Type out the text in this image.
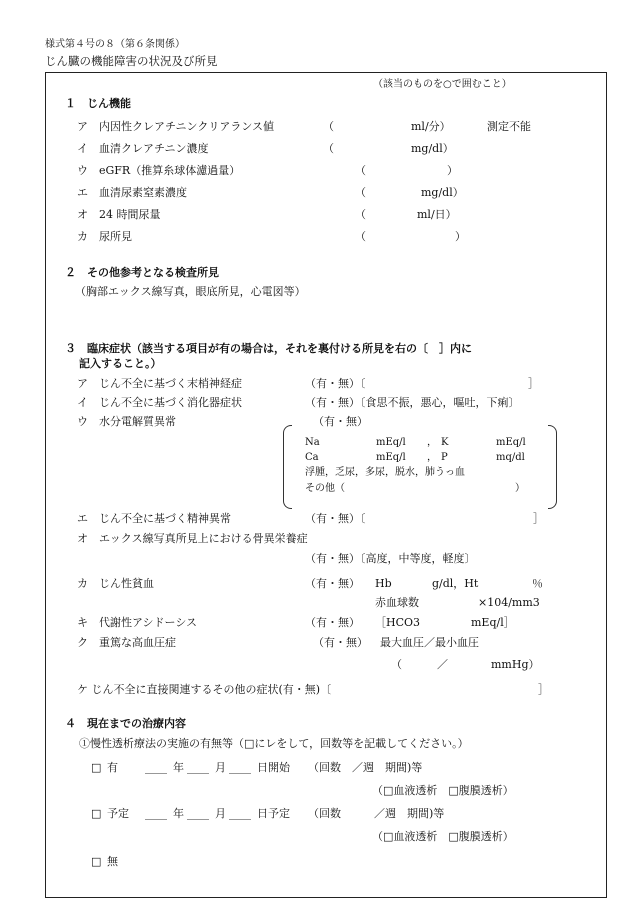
様式第４号の８（第６条関係）
じん臓の機能障害の状況及び所見
（該当のものを○で囲むこと）
１　じん機能
ア　内因性クレアチニンクリアランス値	（	ml/分）	測定不能
イ　血清クレアチニン濃度	（	mg/dl）
ウ　eGFR（推算糸球体濾過量）	（	）
エ　血清尿素窒素濃度	（	mg/dl）
オ　24 時間尿量	（	ml/日）
カ　尿所見	（	）
２　その他参考となる検査所見
（胸部エックス線写真，眼底所見，心電図等）
３　臨床症状（該当する項目が有の場合は，それを裏付ける所見を右の〔　］内に
記入すること。）
ア　じん不全に基づく末梢神経症	（有・無）〔	］
イ　じん不全に基づく消化器症状	（有・無）〔食思不振，悪心，嘔吐，下痢〕
ウ　水分電解質異常	（有・無）
Na	mEq/l ， K	mEq/l
Ca	mEq/l ， P	mq/dl
浮腫，乏尿，多尿，脱水，肺うっ血
その他（	）
エ　じん不全に基づく精神異常	（有・無）〔	］
オ　エックス線写真所見上における骨異栄養症
（有・無）〔高度，中等度，軽度〕
カ　じん性貧血	（有・無） Hb	g/dl，Ht	％
赤血球数	×104/mm3
キ　代謝性アシドーシス	（有・無） ［HCO3	mEq/l］
ク　重篤な高血圧症	（有・無） 最大血圧／最小血圧
（	／	mmHg）
ケ じん不全に直接関連するその他の症状(有・無)〔	］
４　現在までの治療内容
①慢性透析療法の実施の有無等（□にレをして，回数等を記載してください。）
□ 有 ____ 年 ____ 月 ____ 日開始 （回数　／週　期間)等
（□血液透析　□腹膜透析）
□ 予定 ____ 年 ____ 月 ____ 日予定 （回数　　　／週　期間)等
（□血液透析　□腹膜透析）
□ 無
